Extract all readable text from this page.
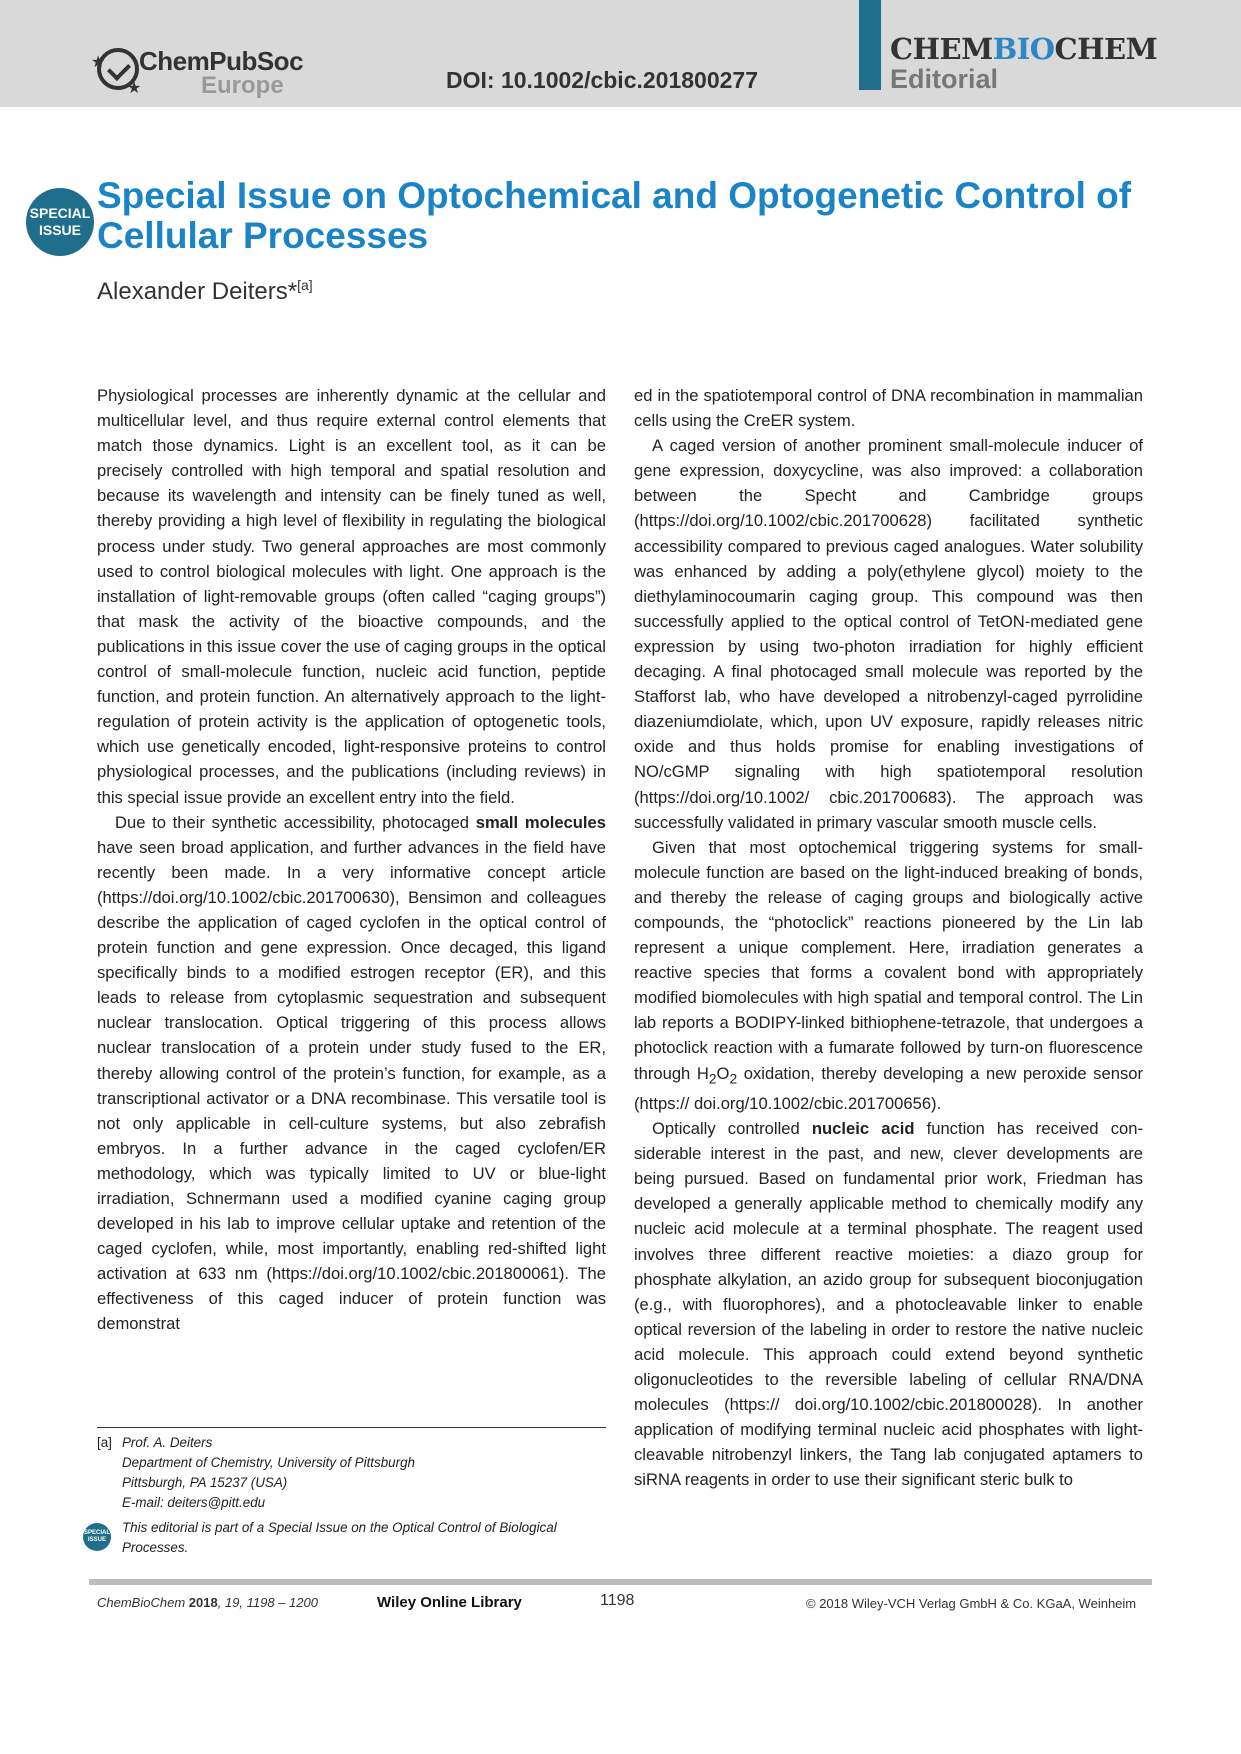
★
★
ChemPubSoc
Europe	DOI: 10.1002/cbic.201800277
CHEMBIOCHEM
Editorial
SPECIAL
ISSUE
Special Issue on Optochemical and Optogenetic Control of Cellular Processes
Alexander Deiters*[a]

Physiological processes are inherently dynamic at the cellular and multicellular level, and thus require external control elements that match those dynamics. Light is an excellent tool, as it can be precisely controlled with high temporal and spatial resolution and because its wavelength and intensity can be finely tuned as well, thereby providing a high level of flexibility in regulating the biological process under study. Two general approaches are most commonly used to control biological molecules with light. One approach is the installation of light-removable groups (often called “caging groups”) that mask the activity of the bioactive compounds, and the publications in this issue cover the use of caging groups in the optical control of small-molecule function, nucleic acid function, peptide function, and protein function. An alternatively approach to the light-regulation of protein activity is the application of optogenetic tools, which use genetically encoded, light-responsive proteins to control physiological processes, and the publications (including reviews) in this special issue provide an excellent entry into the field.

Due to their synthetic accessibility, photocaged small molecules have seen broad application, and further advances in the field have recently been made. In a very informative concept article (https://doi.org/10.1002/cbic.201700630), Bensimon and colleagues describe the application of caged cyclofen in the optical control of protein function and gene expression. Once decaged, this ligand specifically binds to a modified estrogen receptor (ER), and this leads to release from cytoplasmic sequestration and subsequent nuclear translocation. Optical triggering of this process allows nuclear translocation of a protein under study fused to the ER, thereby allowing control of the protein’s function, for example, as a transcriptional activator or a DNA recombinase. This versatile tool is not only applicable in cell-culture systems, but also zebrafish embryos. In a further advance in the caged cyclofen/ER methodology, which was typically limited to UV or blue-light irradiation, Schnermann used a modified cyanine caging group developed in his lab to improve cellular uptake and retention of the caged cyclofen, while, most importantly, enabling red-shifted light activation at 633 nm (https://doi.org/10.1002/cbic.201800061). The effectiveness of this caged inducer of protein function was demonstrat

ed in the spatiotemporal control of DNA recombination in mammalian cells using the CreER system.

A caged version of another prominent small-molecule inducer of gene expression, doxycycline, was also improved: a collaboration between the Specht and Cambridge groups (https://doi.org/10.1002/cbic.201700628) facilitated synthetic accessibility compared to previous caged analogues. Water solubility was enhanced by adding a poly(ethylene glycol) moiety to the diethylaminocoumarin caging group. This compound was then successfully applied to the optical control of TetON-mediated gene expression by using two-photon irradiation for highly efficient decaging. A final photocaged small molecule was reported by the Stafforst lab, who have developed a nitrobenzyl-caged pyrrolidine diazeniumdiolate, which, upon UV exposure, rapidly releases nitric oxide and thus holds promise for enabling investigations of NO/cGMP signaling with high spatiotemporal resolution (https://doi.org/10.1002/ cbic.201700683). The approach was successfully validated in primary vascular smooth muscle cells.

Given that most optochemical triggering systems for small-molecule function are based on the light-induced breaking of bonds, and thereby the release of caging groups and biologically active compounds, the “photoclick” reactions pioneered by the Lin lab represent a unique complement. Here, irradiation generates a reactive species that forms a covalent bond with appropriately modified biomolecules with high spatial and temporal control. The Lin lab reports a BODIPY-linked bithiophene-tetrazole, that undergoes a photoclick reaction with a fumarate followed by turn-on fluorescence through $H_2O_2$ oxidation, thereby developing a new peroxide sensor (https:// doi.org/10.1002/cbic.201700656).

Optically controlled nucleic acid function has received considerable interest in the past, and new, clever developments are being pursued. Based on fundamental prior work, Friedman has developed a generally applicable method to chemically modify any nucleic acid molecule at a terminal phosphate. The reagent used involves three different reactive moieties: a diazo group for phosphate alkylation, an azido group for subsequent bioconjugation (e.g., with fluorophores), and a photocleavable linker to enable optical reversion of the labeling in order to restore the native nucleic acid molecule. This approach could extend beyond synthetic oligonucleotides to the reversible labeling of cellular RNA/DNA molecules (https:// doi.org/10.1002/cbic.201800028). In another application of modifying terminal nucleic acid phosphates with light-cleavable nitrobenzyl linkers, the Tang lab conjugated aptamers to siRNA reagents in order to use their significant steric bulk to

[a] Prof. A. Deiters
Department of Chemistry, University of Pittsburgh
Pittsburgh, PA 15237 (USA)
E-mail: deiters@pitt.edu
SPECIAL
ISSUE
This editorial is part of a Special Issue on the Optical Control of Biological
Processes.
ChemBioChem 2018, 19, 1198 – 1200	Wiley Online Library	1198	© 2018 Wiley-VCH Verlag GmbH & Co. KGaA, Weinheim
